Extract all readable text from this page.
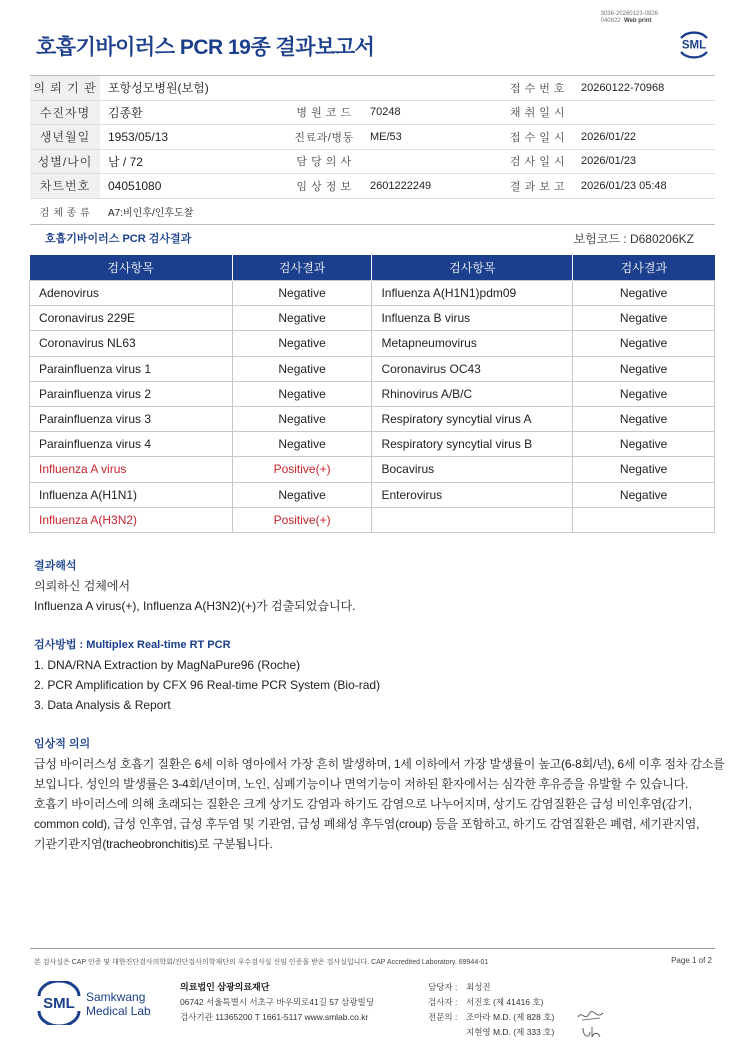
3036-20260123-0826
040822 Web print
호흡기바이러스 PCR 19종 결과보고서	SML
의 뢰 기 관	포항성모병원(보험)			접 수 번 호	20260122-70968
수진자명	김종환	병 원 코 드	70248	채 취 일 시	
생년월일	1953/05/13	진료과/병동	ME/53	접 수 일 시	2026/01/22
성별/나이	남 / 72	담 당 의 사		검 사 일 시	2026/01/23
차트번호	04051080	임 상 정 보	2601222249	결 과 보 고	2026/01/23 05:48
검 체 종 류	A7:비인후/인후도찰				
호흡기바이러스 PCR 검사결과	보험코드 : D680206KZ
검사항목	검사결과	검사항목	검사결과
Adenovirus	Negative	Influenza A(H1N1)pdm09	Negative
Coronavirus 229E	Negative	Influenza B virus	Negative
Coronavirus NL63	Negative	Metapneumovirus	Negative
Parainfluenza virus 1	Negative	Coronavirus OC43	Negative
Parainfluenza virus 2	Negative	Rhinovirus A/B/C	Negative
Parainfluenza virus 3	Negative	Respiratory syncytial virus A	Negative
Parainfluenza virus 4	Negative	Respiratory syncytial virus B	Negative
Influenza A virus	Positive(+)	Bocavirus	Negative
Influenza A(H1N1)	Negative	Enterovirus	Negative
Influenza A(H3N2)	Positive(+)		
결과해석
의뢰하신 검체에서
Influenza A virus(+), Influenza A(H3N2)(+)가 검출되었습니다.
검사방법 : Multiplex Real-time RT PCR
1. DNA/RNA Extraction by MagNaPure96 (Roche)
2. PCR Amplification by CFX 96 Real-time PCR System (Bio-rad)
3. Data Analysis & Report
임상적 의의
급성 바이러스성 호흡기 질환은 6세 이하 영아에서 가장 흔히 발생하며, 1세 이하에서 가장 발생률이 높고(6-8회/년), 6세 이후 점차 감소를
보입니다. 성인의 발생률은 3-4회/년이며, 노인, 심폐기능이나 면역기능이 저하된 환자에서는 심각한 후유증을 유발할 수 있습니다.
호흡기 바이러스에 의해 초래되는 질환은 크게 상기도 감염과 하기도 감염으로 나누어지며, 상기도 감염질환은 급성 비인후염(감기,
common cold), 급성 인후염, 급성 후두염 및 기관염, 급성 폐쇄성 후두염(croup) 등을 포함하고, 하기도 감염질환은 폐렴, 세기관지염,
기관기관지염(tracheobronchitis)로 구분됩니다.
본 검사실은 CAP 인증 및 대한진단검사의학회/진단검사의학재단의 우수검사실 신임 인증을 받은 검사실입니다. CAP Accredited Laboratory. 69944-01	Page 1 of 2
SML Samkwang
Medical Lab
의료법인 삼광의료재단
06742 서울특별시 서초구 바우뫼로41길 57 삼광빌딩
검사기관 11365200 T 1661-5117 www.smlab.co.kr
담당자 : 최성진
검사자 : 서진호 (제 41416 호)
전문의 : 조아라 M.D. (제 828 호)
지현영 M.D. (제 333 호)
